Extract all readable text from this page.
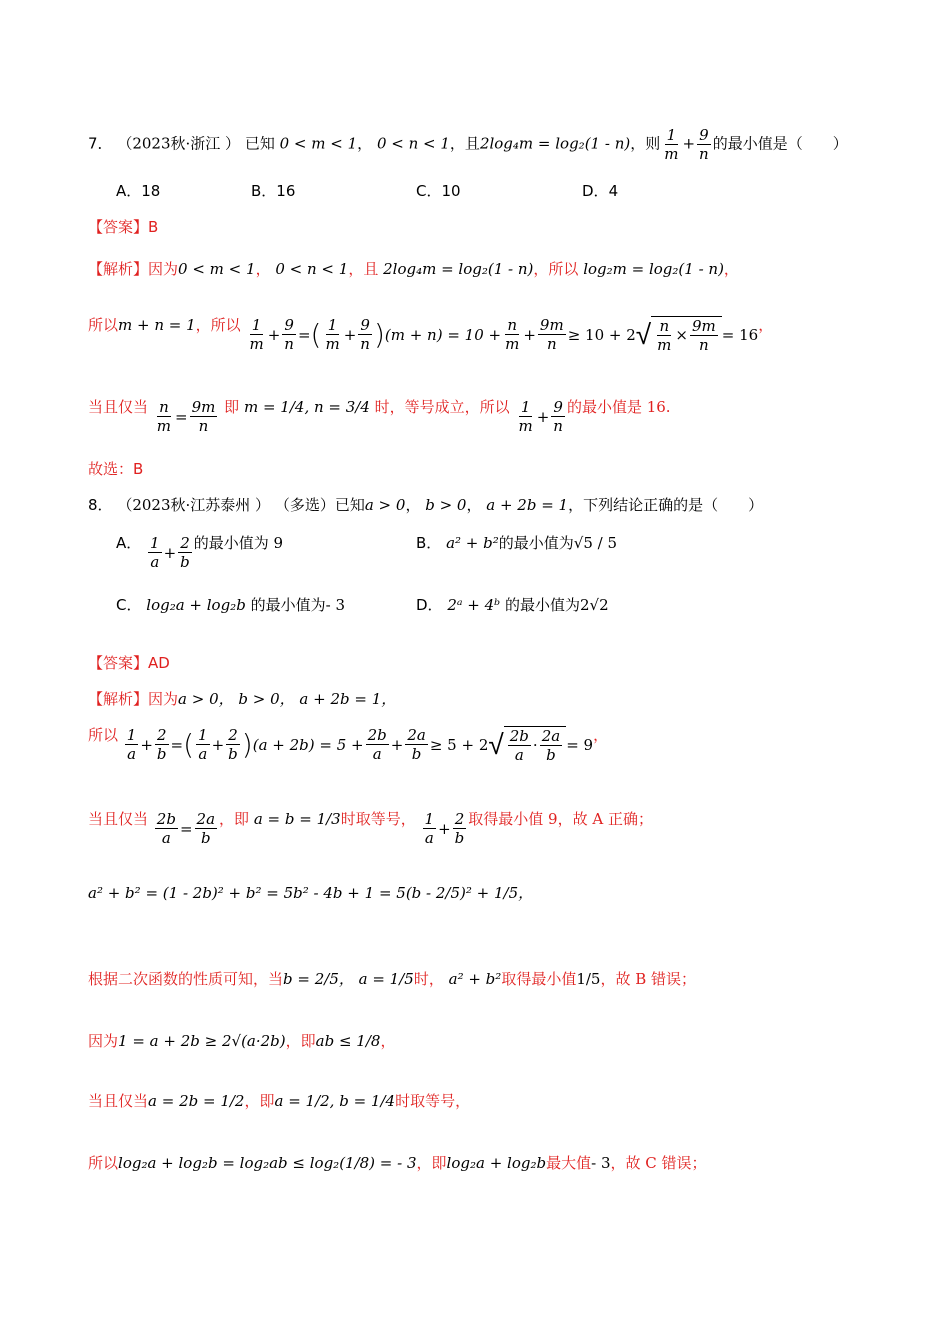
7． （2023秋·浙江 ） 已知 0 < m < 1， 0 < n < 1，且2log₄m = log₂(1 - n)，则 $\frac{1}{m} + \frac{9}{n}$ 的最小值是（　　）
A．18	B．16	C．10	D．4
【答案】B
【解析】因为0 < m < 1， 0 < n < 1，且 2log₄m = log₂(1 - n)，所以 log₂m = log₂(1 - n)，
所以m + n = 1，所以 $\frac{1}{m} + \frac{9}{n}$ = ( $\frac{1}{m} + \frac{9}{n}$ ) $(m + n) = 10 + \frac{n}{m} + \frac{9m}{n} \ge 10 + 2$ √ $\frac{n}{m} \times \frac{9m}{n} = 16$
，
当且仅当 $\frac{n}{m} = \frac{9m}{n}$ 即 m = 1/4, n = 3/4 时，等号成立，所以 $\frac{1}{m} + \frac{9}{n}$ 的最小值是 16.
故选：B
8． （2023秋·江苏泰州 ） （多选）已知a > 0， b > 0， a + 2b = 1，下列结论正确的是（　　）
A． $\frac{1}{a} + \frac{2}{b}$ 的最小值为 9	B． a² + b²的最小值为√5 / 5
C． log₂a + log₂b 的最小值为- 3	D． 2ᵃ + 4ᵇ 的最小值为2√2
【答案】AD
【解析】因为a > 0， b > 0， a + 2b = 1，
所以 $\frac{1}{a} + \frac{2}{b}$ = ( $\frac{1}{a} + \frac{2}{b}$ ) $(a + 2b) = 5 + \frac{2b}{a} + \frac{2a}{b} \ge 5 + 2$ √ $\frac{2b}{a} \cdot \frac{2a}{b} = 9$
，
当且仅当 $\frac{2b}{a} = \frac{2a}{b}$ ，即 a = b = 1/3时取等号， $\frac{1}{a} + \frac{2}{b}$ 取得最小值 9，故 A 正确；
a² + b² = (1 - 2b)² + b² = 5b² - 4b + 1 = 5(b - 2/5)² + 1/5，
根据二次函数的性质可知，当b = 2/5， a = 1/5时， a² + b²取得最小值1/5，故 B 错误；
因为1 = a + 2b ≥ 2√(a·2b)，即ab ≤ 1/8，
当且仅当a = 2b = 1/2，即a = 1/2, b = 1/4时取等号，
所以log₂a + log₂b = log₂ab ≤ log₂(1/8) = - 3，即log₂a + log₂b最大值- 3，故 C 错误；
